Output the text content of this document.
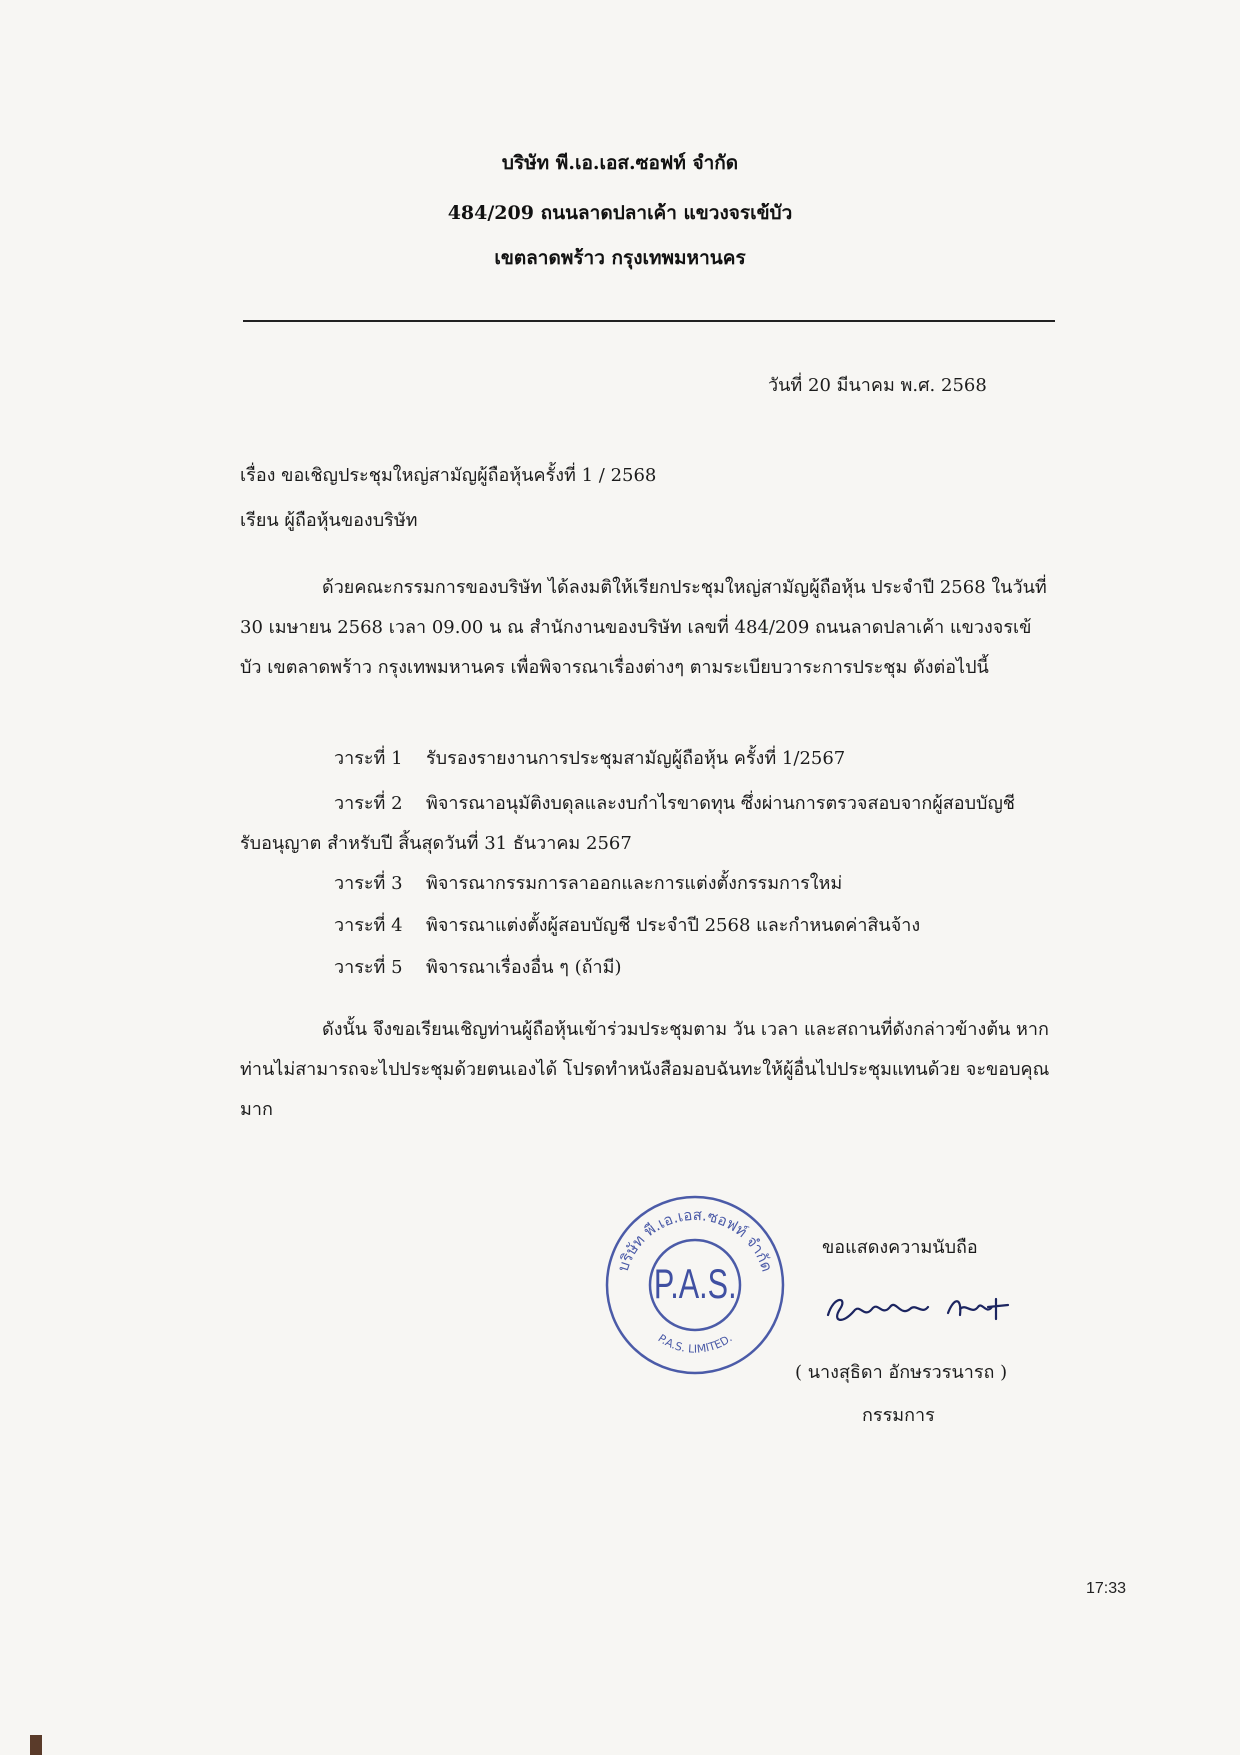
บริษัท พี.เอ.เอส.ซอฟท์ จำกัด
484/209 ถนนลาดปลาเค้า แขวงจรเข้บัว
เขตลาดพร้าว กรุงเทพมหานคร
วันที่ 20 มีนาคม พ.ศ. 2568
เรื่อง ขอเชิญประชุมใหญ่สามัญผู้ถือหุ้นครั้งที่ 1 / 2568
เรียน ผู้ถือหุ้นของบริษัท
ด้วยคณะกรรมการของบริษัท ได้ลงมติให้เรียกประชุมใหญ่สามัญผู้ถือหุ้น ประจำปี 2568 ในวันที่ 30 เมษายน 2568 เวลา 09.00 น ณ สำนักงานของบริษัท เลขที่ 484/209 ถนนลาดปลาเค้า แขวงจรเข้บัว เขตลาดพร้าว กรุงเทพมหานคร เพื่อพิจารณาเรื่องต่างๆ ตามระเบียบวาระการประชุม ดังต่อไปนี้
วาระที่ 1 รับรองรายงานการประชุมสามัญผู้ถือหุ้น ครั้งที่ 1/2567
วาระที่ 2 พิจารณาอนุมัติงบดุลและงบกำไรขาดทุน ซึ่งผ่านการตรวจสอบจากผู้สอบบัญชี
รับอนุญาต สำหรับปี สิ้นสุดวันที่ 31 ธันวาคม 2567
วาระที่ 3 พิจารณากรรมการลาออกและการแต่งตั้งกรรมการใหม่
วาระที่ 4 พิจารณาแต่งตั้งผู้สอบบัญชี ประจำปี 2568 และกำหนดค่าสินจ้าง
วาระที่ 5 พิจารณาเรื่องอื่น ๆ (ถ้ามี)
ดังนั้น จึงขอเรียนเชิญท่านผู้ถือหุ้นเข้าร่วมประชุมตาม วัน เวลา และสถานที่ดังกล่าวข้างต้น หากท่านไม่สามารถจะไปประชุมด้วยตนเองได้ โปรดทำหนังสือมอบฉันทะให้ผู้อื่นไปประชุมแทนด้วย จะขอบคุณมาก
บริษัท พี.เอ.เอส.ซอฟท์ จำกัด
P.A.S. LIMITED.
P.A.S.
ขอแสดงความนับถือ
( นางสุธิดา อักษรวรนารถ )
กรรมการ
17:33
